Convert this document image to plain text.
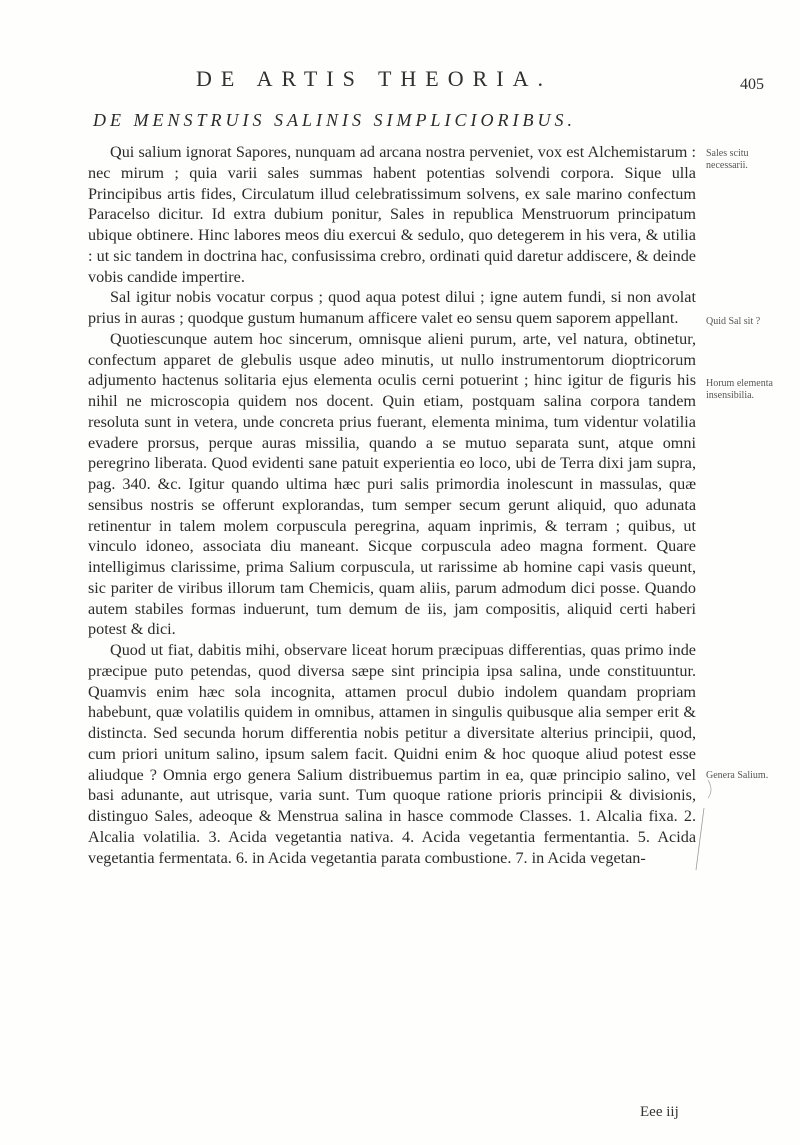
DE ARTIS THEORIA.	405
DE MENSTRUIS SALINIS SIMPLICIORIBUS.

Qui salium ignorat Sapores, nunquam ad arcana nostra perveniet, vox est Alchemistarum : nec mirum ; quia varii sales summas habent potentias solvendi corpora. Sique ulla Principibus artis fides, Circulatum illud celebratissimum solvens, ex sale marino confectum Paracelso dicitur. Id extra dubium ponitur, Sales in republica Menstruorum principatum ubique obtinere. Hinc labores meos diu exercui & sedulo, quo detegerem in his vera, & utilia : ut sic tandem in doctrina hac, confusissima crebro, ordinati quid daretur addiscere, & deinde vobis candide impertire.

Sal igitur nobis vocatur corpus ; quod aqua potest dilui ; igne autem fundi, si non avolat prius in auras ; quodque gustum humanum afficere valet eo sensu quem saporem appellant.

Quotiescunque autem hoc sincerum, omnisque alieni purum, arte, vel natura, obtinetur, confectum apparet de glebulis usque adeo minutis, ut nullo instrumentorum dioptricorum adjumento hactenus solitaria ejus elementa oculis cerni potuerint ; hinc igitur de figuris his nihil ne microscopia quidem nos docent. Quin etiam, postquam salina corpora tandem resoluta sunt in vetera, unde concreta prius fuerant, elementa minima, tum videntur volatilia evadere prorsus, perque auras missilia, quando a se mutuo separata sunt, atque omni peregrino liberata. Quod evidenti sane patuit experientia eo loco, ubi de Terra dixi jam supra, pag. 340. &c. Igitur quando ultima hæc puri salis primordia inolescunt in massulas, quæ sensibus nostris se offerunt explorandas, tum semper secum gerunt aliquid, quo adunata retinentur in talem molem corpuscula peregrina, aquam inprimis, & terram ; quibus, ut vinculo idoneo, associata diu maneant. Sicque corpuscula adeo magna forment. Quare intelligimus clarissime, prima Salium corpuscula, ut rarissime ab homine capi vasis queunt, sic pariter de viribus illorum tam Chemicis, quam aliis, parum admodum dici posse. Quando autem stabiles formas induerunt, tum demum de iis, jam compositis, aliquid certi haberi potest & dici.

Quod ut fiat, dabitis mihi, observare liceat horum præcipuas differentias, quas primo inde præcipue puto petendas, quod diversa sæpe sint principia ipsa salina, unde constituuntur. Quamvis enim hæc sola incognita, attamen procul dubio indolem quandam propriam habebunt, quæ volatilis quidem in omnibus, attamen in singulis quibusque alia semper erit & distincta. Sed secunda horum differentia nobis petitur a diversitate alterius principii, quod, cum priori unitum salino, ipsum salem facit. Quidni enim & hoc quoque aliud potest esse aliudque ? Omnia ergo genera Salium distribuemus partim in ea, quæ principio salino, vel basi adunante, aut utrisque, varia sunt. Tum quoque ratione prioris principii & divisionis, distinguo Sales, adeoque & Menstrua salina in hasce commode Classes. 1. Alcalia fixa. 2. Alcalia volatilia. 3. Acida vegetantia nativa. 4. Acida vegetantia fermentantia. 5. Acida vegetantia fermentata. 6. in Acida vegetantia parata combustione. 7. in Acida vegetan-

Sales scitu necessarii.
Quid Sal sit ?
Horum elementa insensibilia.
Genera Salium.
Eee iij
